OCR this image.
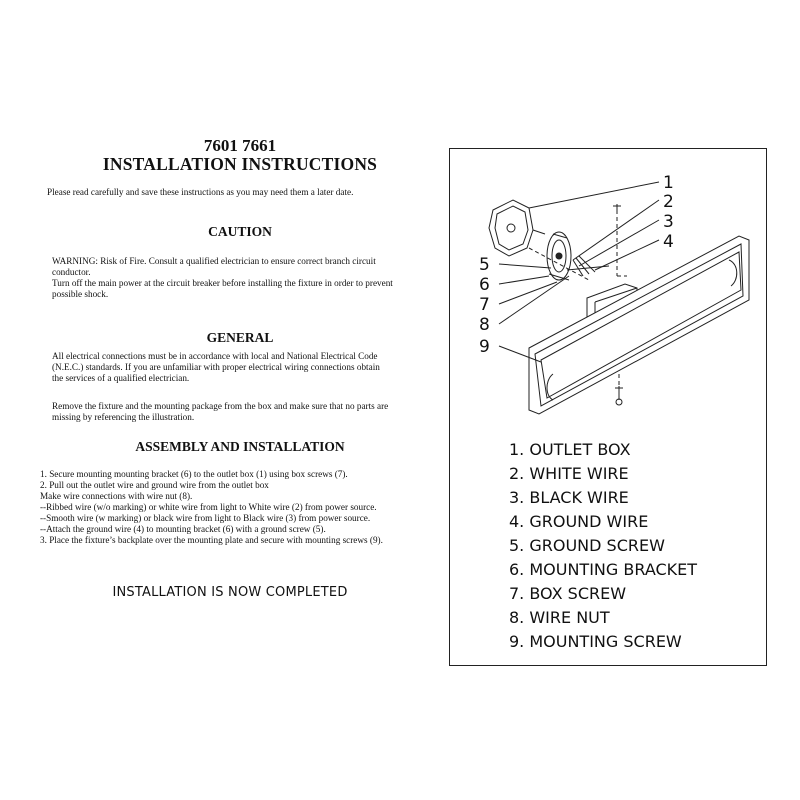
7601 7661
INSTALLATION INSTRUCTIONS
Please read carefully and save these instructions as you may need them a later date.
CAUTION
WARNING: Risk of Fire. Consult a qualified electrician to ensure correct branch circuit
conductor.
Turn off the main power at the circuit breaker before installing the fixture in order to prevent
possible shock.
GENERAL
All electrical connections must be in accordance with local and National Electrical Code
(N.E.C.) standards. If you are unfamiliar with proper electrical wiring connections obtain
the services of a qualified electrician.
Remove the fixture and the mounting package from the box and make sure that no parts are
missing by referencing the illustration.
ASSEMBLY AND INSTALLATION
1. Secure mounting mounting bracket (6) to the outlet box (1) using box screws (7).
2. Pull out the outlet wire and ground wire from the outlet box
Make wire connections with wire nut (8).
--Ribbed wire (w/o marking) or white wire from light to White wire (2) from power source.
--Smooth wire (w marking) or black wire from light to Black wire (3) from power source.
--Attach the ground wire (4) to mounting bracket (6) with a ground screw (5).
3. Place the fixture’s backplate over the mounting plate and secure with mounting screws (9).
INSTALLATION IS NOW COMPLETED
1
2
3
4
5
6
7
8
9
1. OUTLET BOX
2. WHITE WIRE
3. BLACK WIRE
4. GROUND WIRE
5. GROUND SCREW
6. MOUNTING BRACKET
7. BOX SCREW
8. WIRE NUT
9. MOUNTING SCREW
